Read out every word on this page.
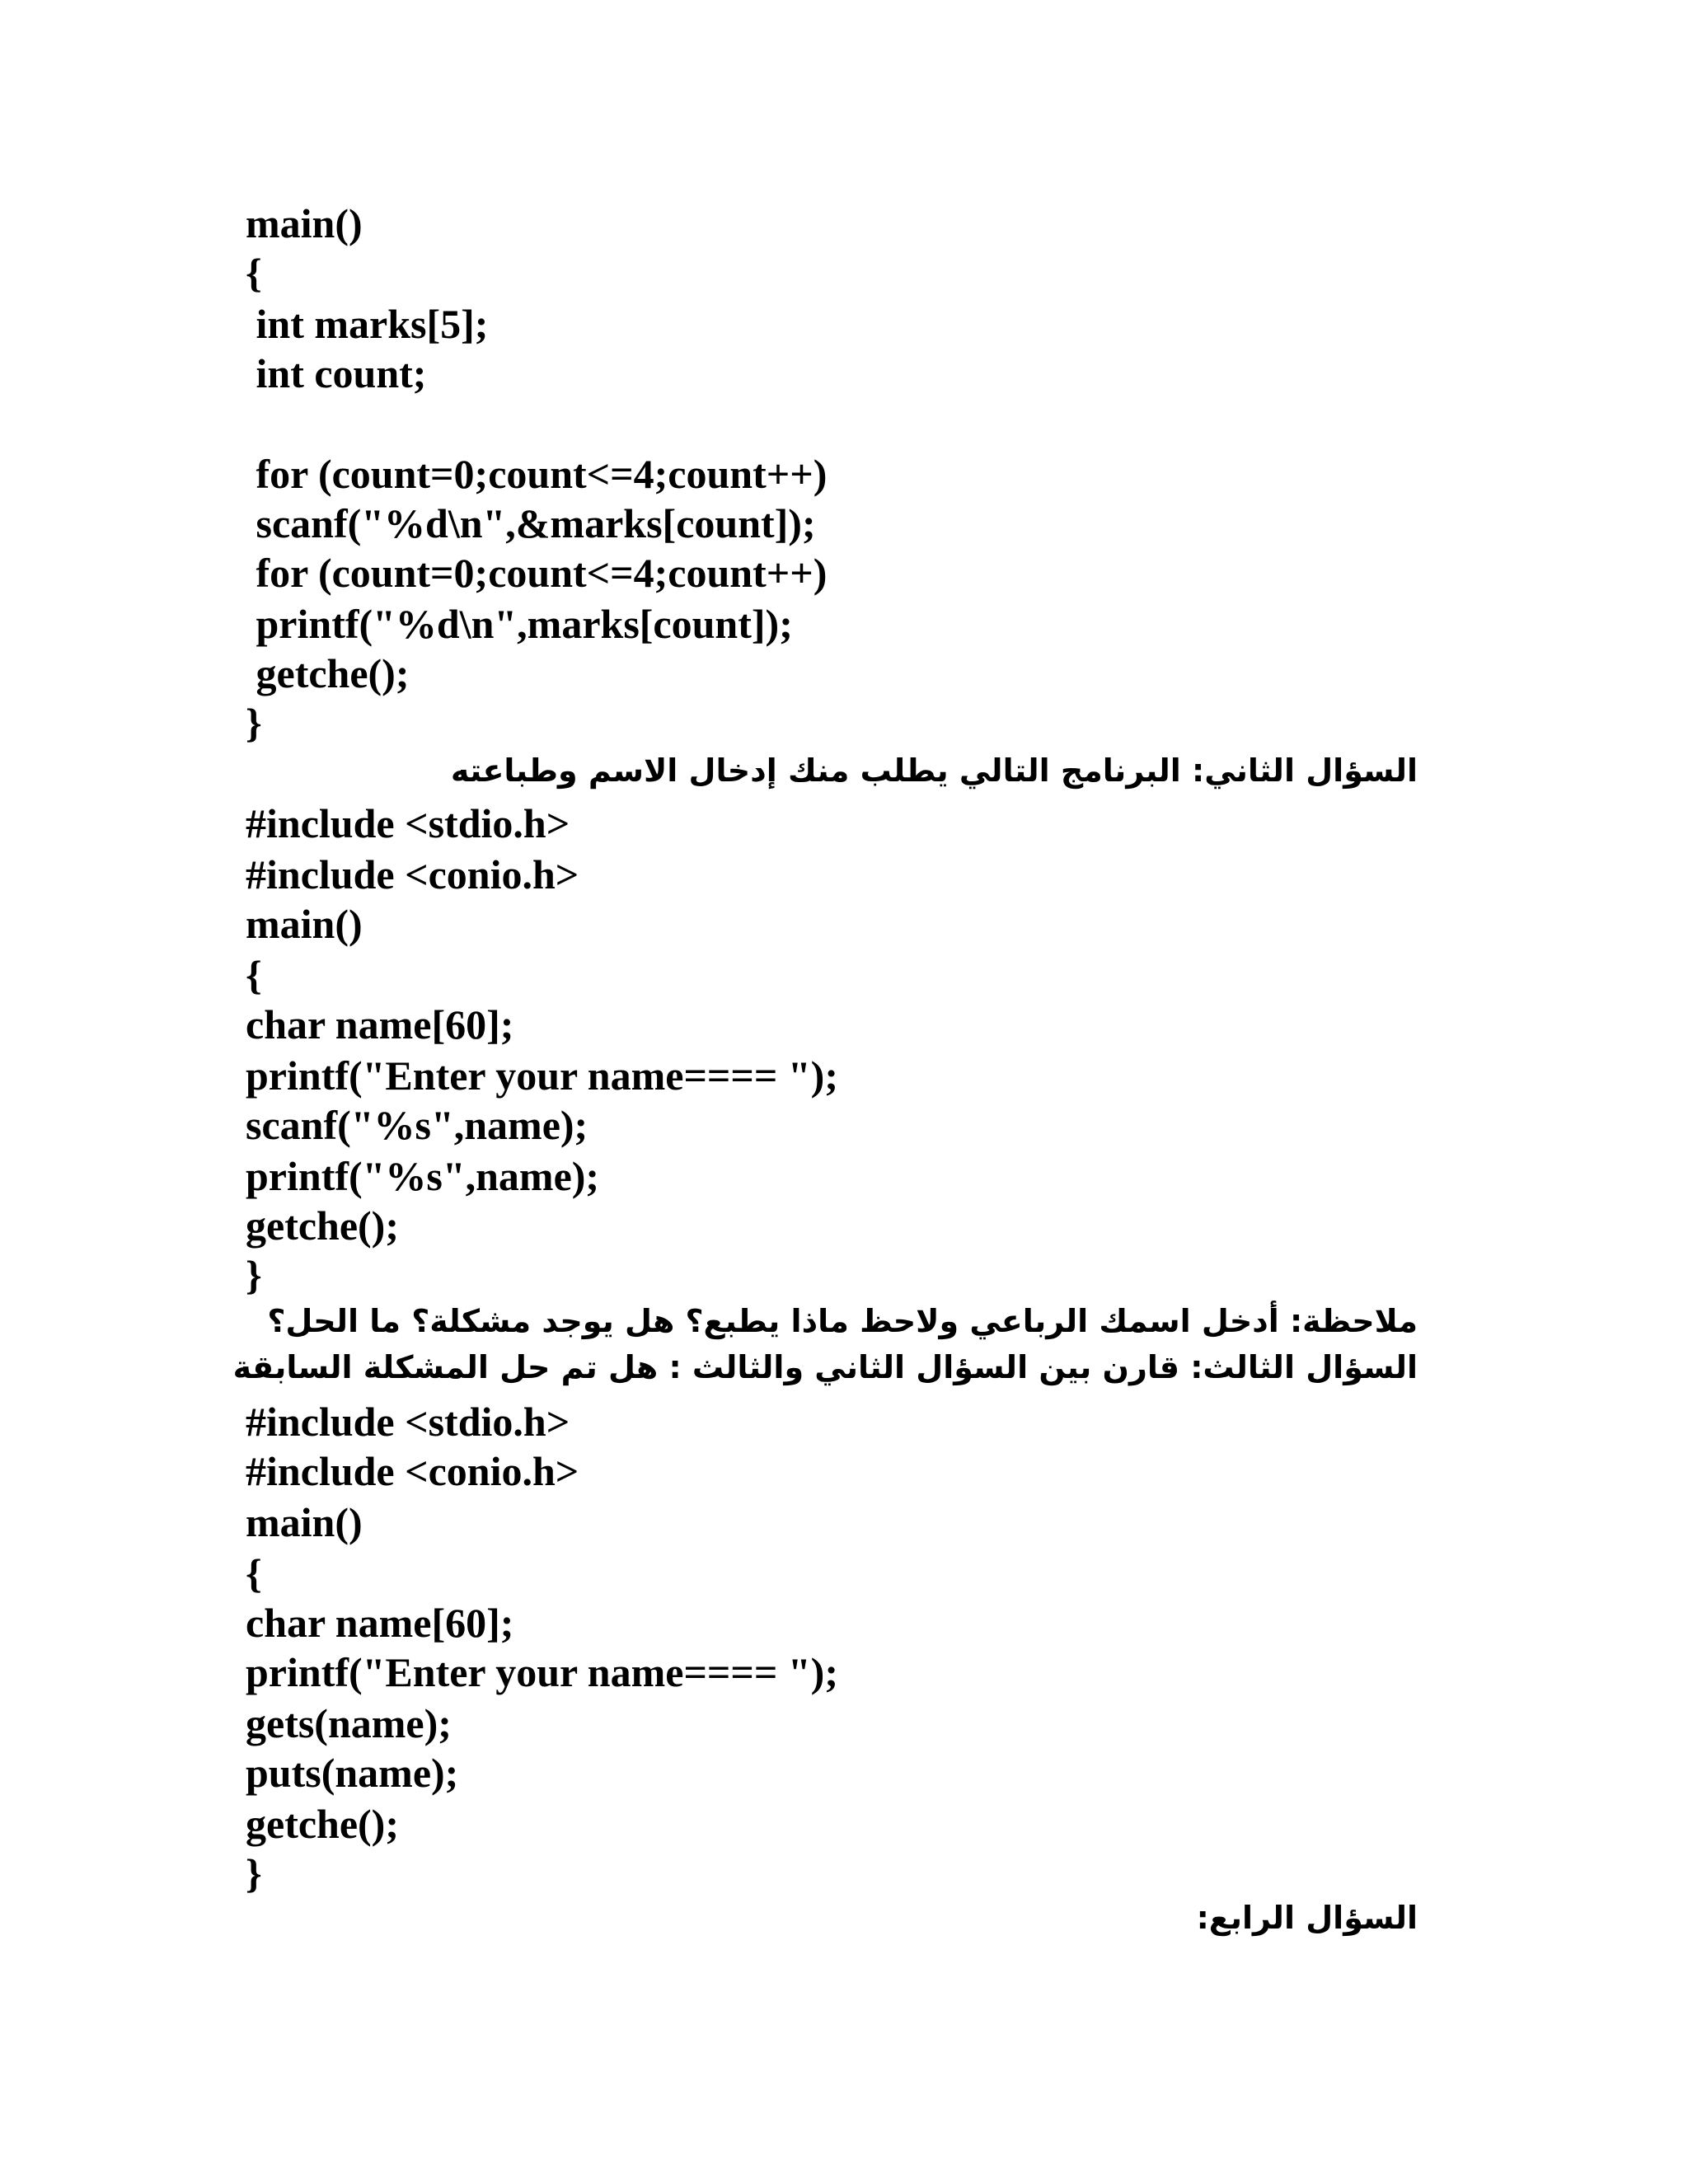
main()
{
int marks[5];
int count;
for (count=0;count<=4;count++)
scanf("%d\n",&marks[count]);
for (count=0;count<=4;count++)
printf("%d\n",marks[count]);
getche();
}
السؤال الثاني: البرنامج التالي يطلب منك إدخال الاسم وطباعته
#include <stdio.h>
#include <conio.h>
main()
{
char name[60];
printf("Enter your name==== ");
scanf("%s",name);
printf("%s",name);
getche();
}
ملاحظة: أدخل اسمك الرباعي ولاحظ ماذا يطبع؟ هل يوجد مشكلة؟ ما الحل؟
السؤال الثالث: قارن بين السؤال الثاني والثالث : هل تم حل المشكلة السابقة
#include <stdio.h>
#include <conio.h>
main()
{
char name[60];
printf("Enter your name==== ");
gets(name);
puts(name);
getche();
}
السؤال الرابع:
